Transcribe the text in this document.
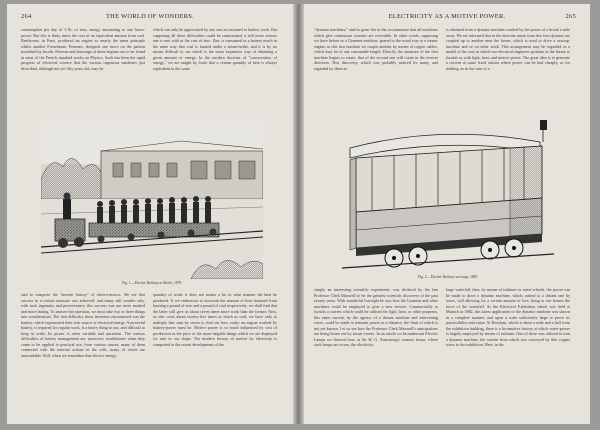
264	THE WORLD OF WONDERS.
consumption per day of 3 lb. of zinc, energy amounting to one horse-power. But this is thirty times the cost of an equivalent amount from coal. Beethoven, in Paris, produced an engine so nearly the same principle whilst another Frenchman, Froment, designed one more on the pattern furnished by Jacobi. Patterns and drawings of these engines are to be found in most of the French standard works on Physics. Such has been the rapid progress of electrical science that the various ingenious machines just described, although not yet fifty years old, may be
which can only be appreciated by any one accustomed to battery work. But supposing all these difficulties could be surmounted, a still more serious one is met with in the cost of zinc. Zinc is consumed in a battery much in the same way that coal is burned under a steam-boiler, and it is by no means difficult to see which is the more expensive way of obtaining a given amount of energy. In the modern doctrine of "conservation of energy," we are taught by Joule that a certain quantity of heat is always equivalent to the same
Fig. 1.—Electric Railway at Berlin, 1879.
said to comprise the "ancient history" of electro-motors. We see that success in a certain measure was achieved, and many still wonder why, with such ingenuity and perseverance, this success was not more marked and more lasting. To answer this question, we must take two or three things into consideration. The first difficulty those inventors encountered was the battery, which represented their sole source of electrical energy. A powerful battery, if required for regular work, is a heavy thing to use, and difficult to keep in order. Its power is often variable and uncertain. The various difficulties of battery management are, moreover, troublesome when they come to be applied to practical use, from various causes, many of them connected with the internal actions in the cells, many of which are unavoidable. Still, when we remember that electric energy
quantity of work: it does not matter a bit in what manner the heat be produced. If we endeavour to ascertain the amount of heat obtained from burning a pound of zinc and a pound of coal respectively, we shall find that the latter will give us about seven times more work than the former. Now, as zinc costs about twenty-five times as much as coal, we have only to multiply that sum by seven to find out how costly an engine worked by battery-power must be. Motive power is so much influenced by cost of production as the price of the more tangible things which we are displayed for sale in our shops. The modern history of motive by electricity is comprised in the recent development of the
ELECTRICITY AS A MOTIVE POWER.	265
"dynamo machines," and its germ lies in the circumstance that all machines which give continuous currents are reversible. In other words, supposing we have before us a Gramme machine, geared to the usual way to a steam-engine, in this first machine we couple another by means of copper cables, which may be of any reasonable length. Directly the armature of the first machine begins to rotate, that of the second one will rotate in the reverse direction. This discovery, which was probably noticed by many, and regarded by them as
is obtained from a dynamo machine worked by the power of a brook a mile away. We are informed that in the doctrine arises from this first dynamo are coupled up to another near the house, which is used to drive a sawing-machine and so on other work. This arrangement may be regarded as a model of the way in which our electrical engineers promise in the future to furnish us with light, heat, and motive power. The great idea is to generate a current at some fixed station where power can be had cheaply, or for nothing, as in the case of a
Fig. 2.—Electric Railway-carriage, 1883.
simply an interesting scientific experiment, was declared by the late Professor Clerk Maxwell to be the greatest scientific discovery of the past twenty years. With wonderful foresight he saw how the Gramme and other machines could be employed to give a new service. Commercially to furnish a current which could be utilised for light, heat, or other purposes, this same current, by the agency of a distant machine and intervening wires, could be made to transmit power to a distance, the limit of which is not yet known. Let us see how the Professor Clerk Maxwell's anticipations are being borne out by actual events. In an article on Incandescent Electric Lamps we showed how, at Sir W. G. Armstrong's country house, where such lamps are in use, the electricity
large waterfall; then, by means of turbines or water-wheels, the power can be made to drive a dynamo machine, which, united to a distant one by wires, will allowing for a certain amount of loss, bring to our homes the force of the waterfall. At the Electrical Exhibition which was held at Munich in 1882, this latest application of the dynamo machine was shown in a complete manner, and upon a scale sufficiently large to prove its practicability and value. At Hirschau, which is about a mile and a half from the exhibition building, there is a locomotive factory at which water-power is largely employed by means of turbines. One of these was utilised to turn a dynamo machine, the current from which was conveyed by thin copper wires to the exhibition. Here, in the
